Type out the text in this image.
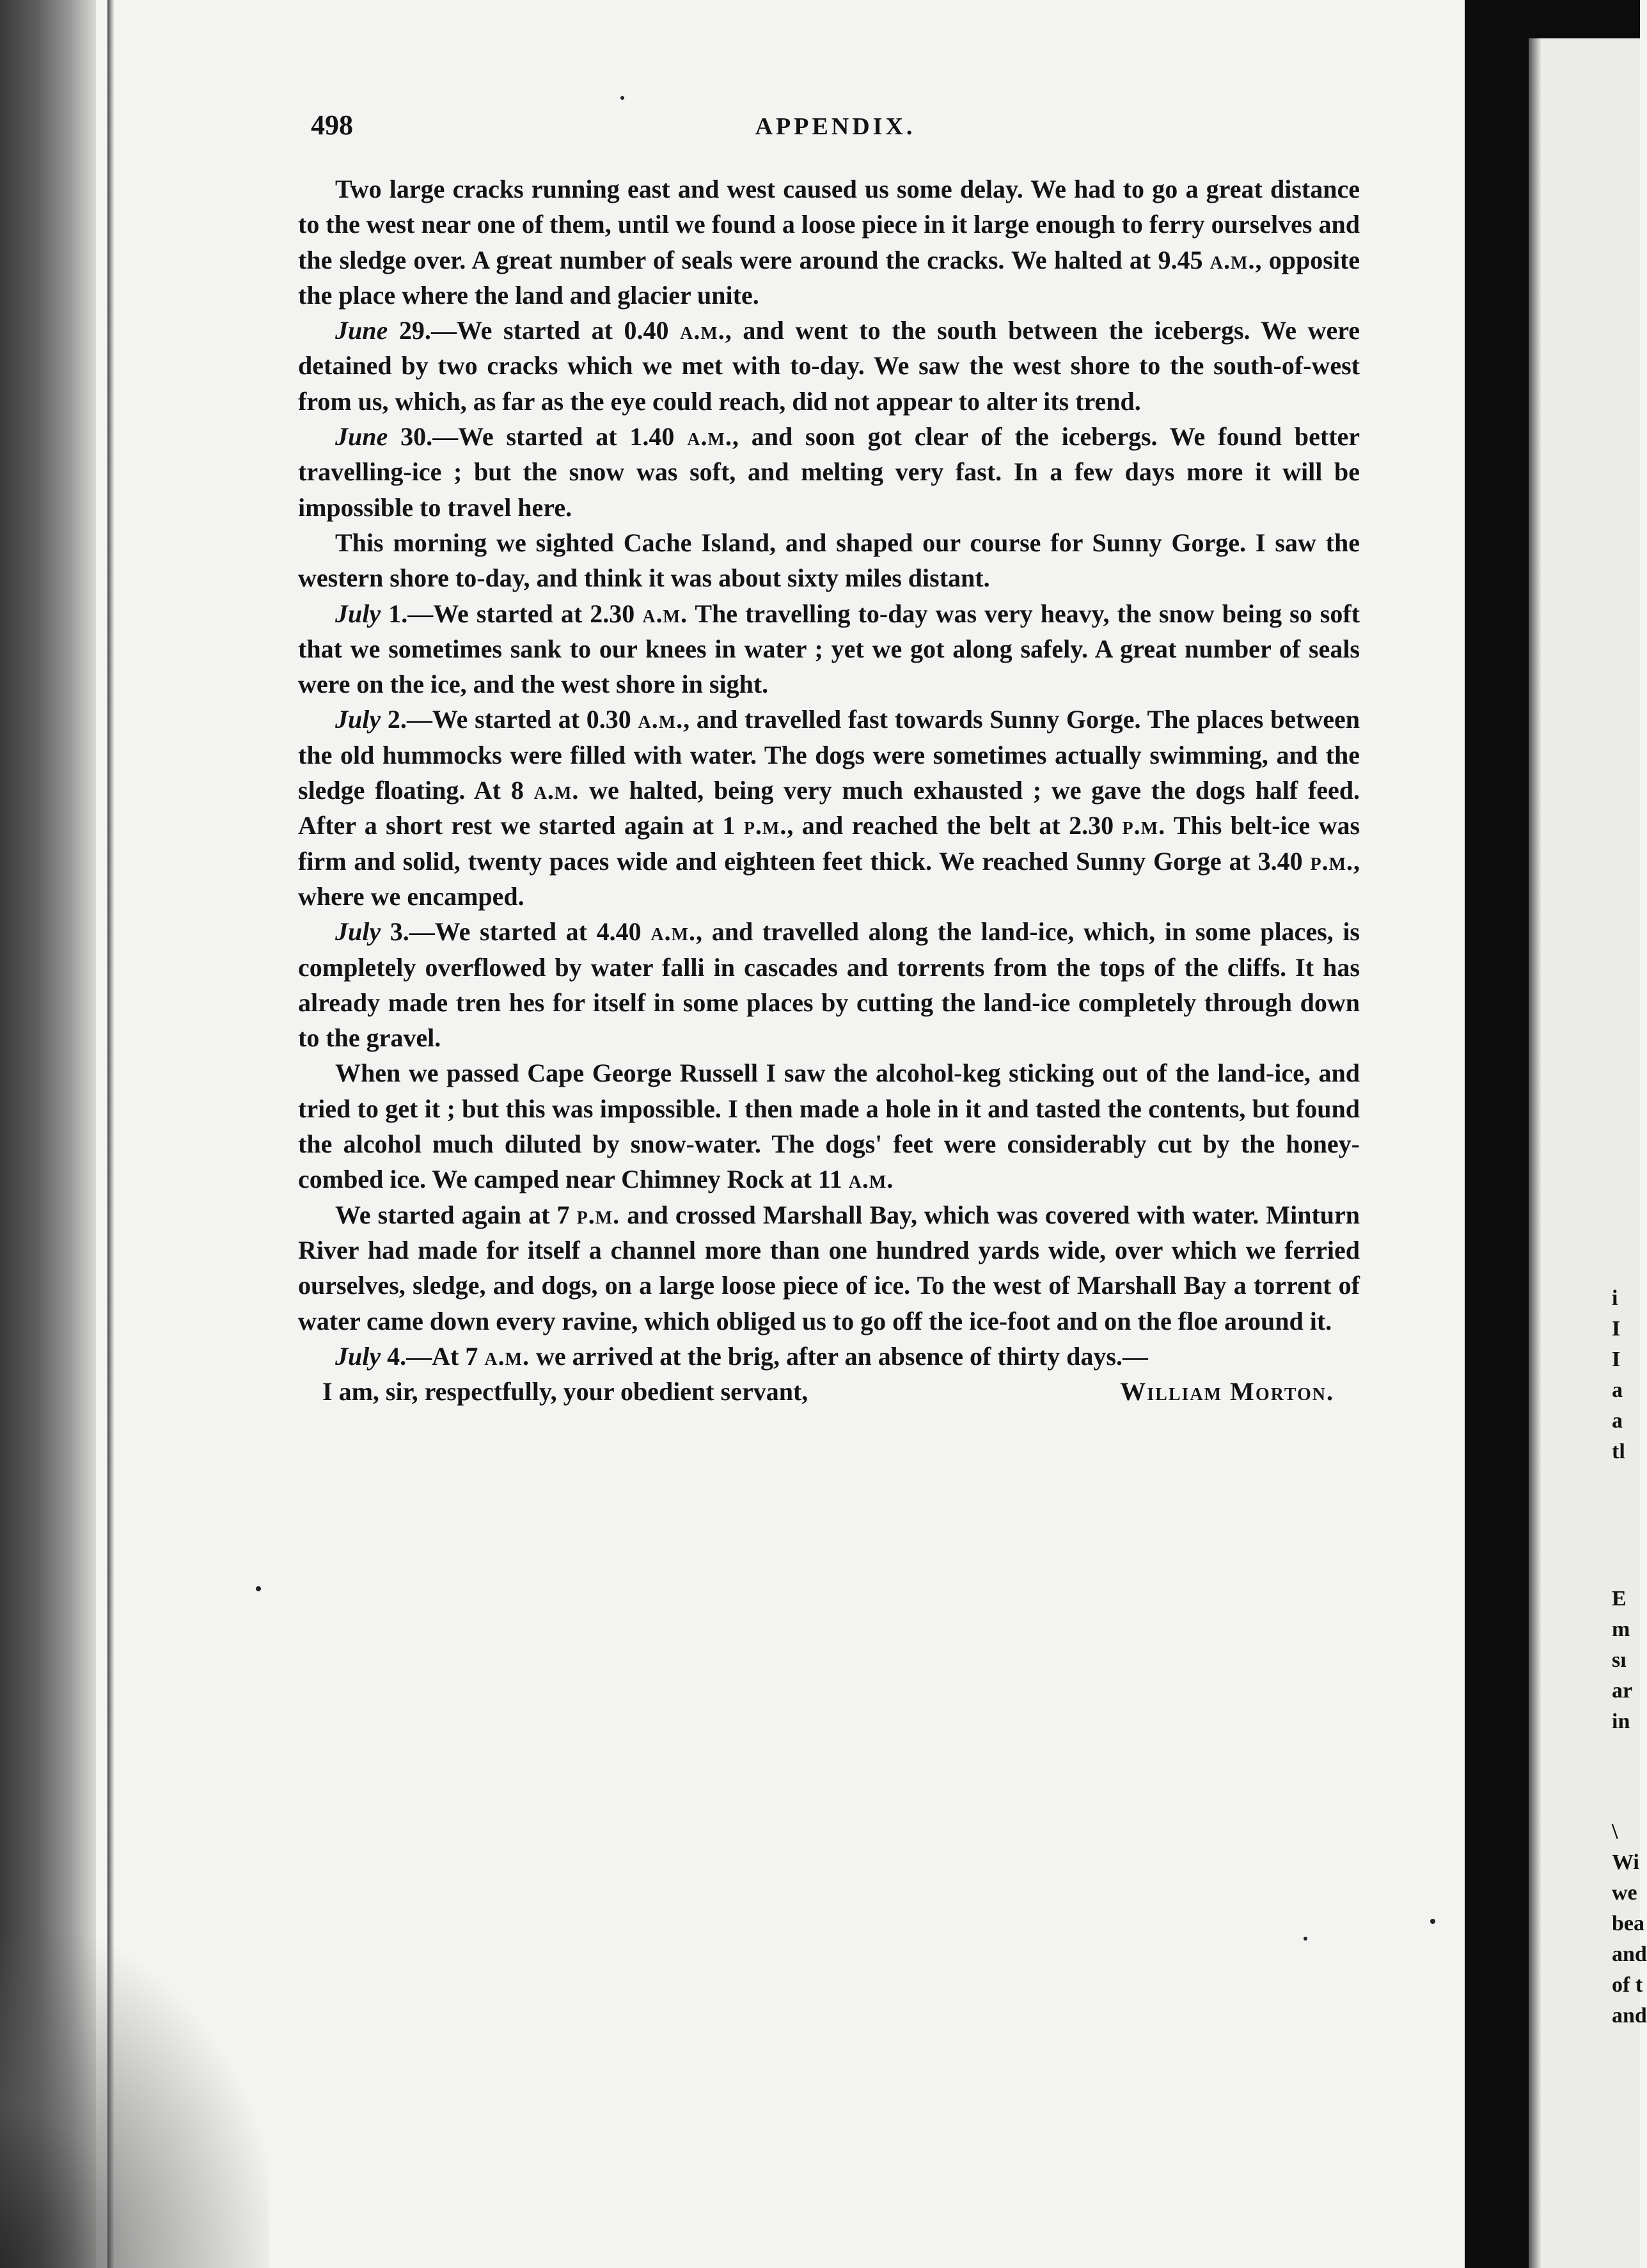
i
I
I
a
a
tl
E
m
sı
ar
in
\
Wi
we
bea
and
of t
and
498	APPENDIX.

Two large cracks running east and west caused us some delay. We had to go a great distance to the west near one of them, until we found a loose piece in it large enough to ferry ourselves and the sledge over. A great number of seals were around the cracks. We halted at 9.45 a.m., opposite the place where the land and glacier unite.

June 29.—We started at 0.40 a.m., and went to the south between the icebergs. We were detained by two cracks which we met with to-day. We saw the west shore to the south-of-west from us, which, as far as the eye could reach, did not appear to alter its trend.

June 30.—We started at 1.40 a.m., and soon got clear of the icebergs. We found better travelling-ice ; but the snow was soft, and melting very fast. In a few days more it will be impossible to travel here.

This morning we sighted Cache Island, and shaped our course for Sunny Gorge. I saw the western shore to-day, and think it was about sixty miles distant.

July 1.—We started at 2.30 a.m. The travelling to-day was very heavy, the snow being so soft that we sometimes sank to our knees in water ; yet we got along safely. A great number of seals were on the ice, and the west shore in sight.

July 2.—We started at 0.30 a.m., and travelled fast towards Sunny Gorge. The places between the old hummocks were filled with water. The dogs were sometimes actually swimming, and the sledge floating. At 8 a.m. we halted, being very much exhausted ; we gave the dogs half feed. After a short rest we started again at 1 p.m., and reached the belt at 2.30 p.m. This belt-ice was firm and solid, twenty paces wide and eighteen feet thick. We reached Sunny Gorge at 3.40 p.m., where we encamped.

July 3.—We started at 4.40 a.m., and travelled along the land-ice, which, in some places, is completely overflowed by water falli in cascades and torrents from the tops of the cliffs. It has already made tren hes for itself in some places by cutting the land-ice completely through down to the gravel.

When we passed Cape George Russell I saw the alcohol-keg sticking out of the land-ice, and tried to get it ; but this was impossible. I then made a hole in it and tasted the contents, but found the alcohol much diluted by snow-water. The dogs' feet were considerably cut by the honey-combed ice. We camped near Chimney Rock at 11 a.m.

We started again at 7 p.m. and crossed Marshall Bay, which was covered with water. Minturn River had made for itself a channel more than one hundred yards wide, over which we ferried ourselves, sledge, and dogs, on a large loose piece of ice. To the west of Marshall Bay a torrent of water came down every ravine, which obliged us to go off the ice-foot and on the floe around it.

July 4.—At 7 a.m. we arrived at the brig, after an absence of thirty days.—

I am, sir, respectfully, your obedient servant,	William Morton.
